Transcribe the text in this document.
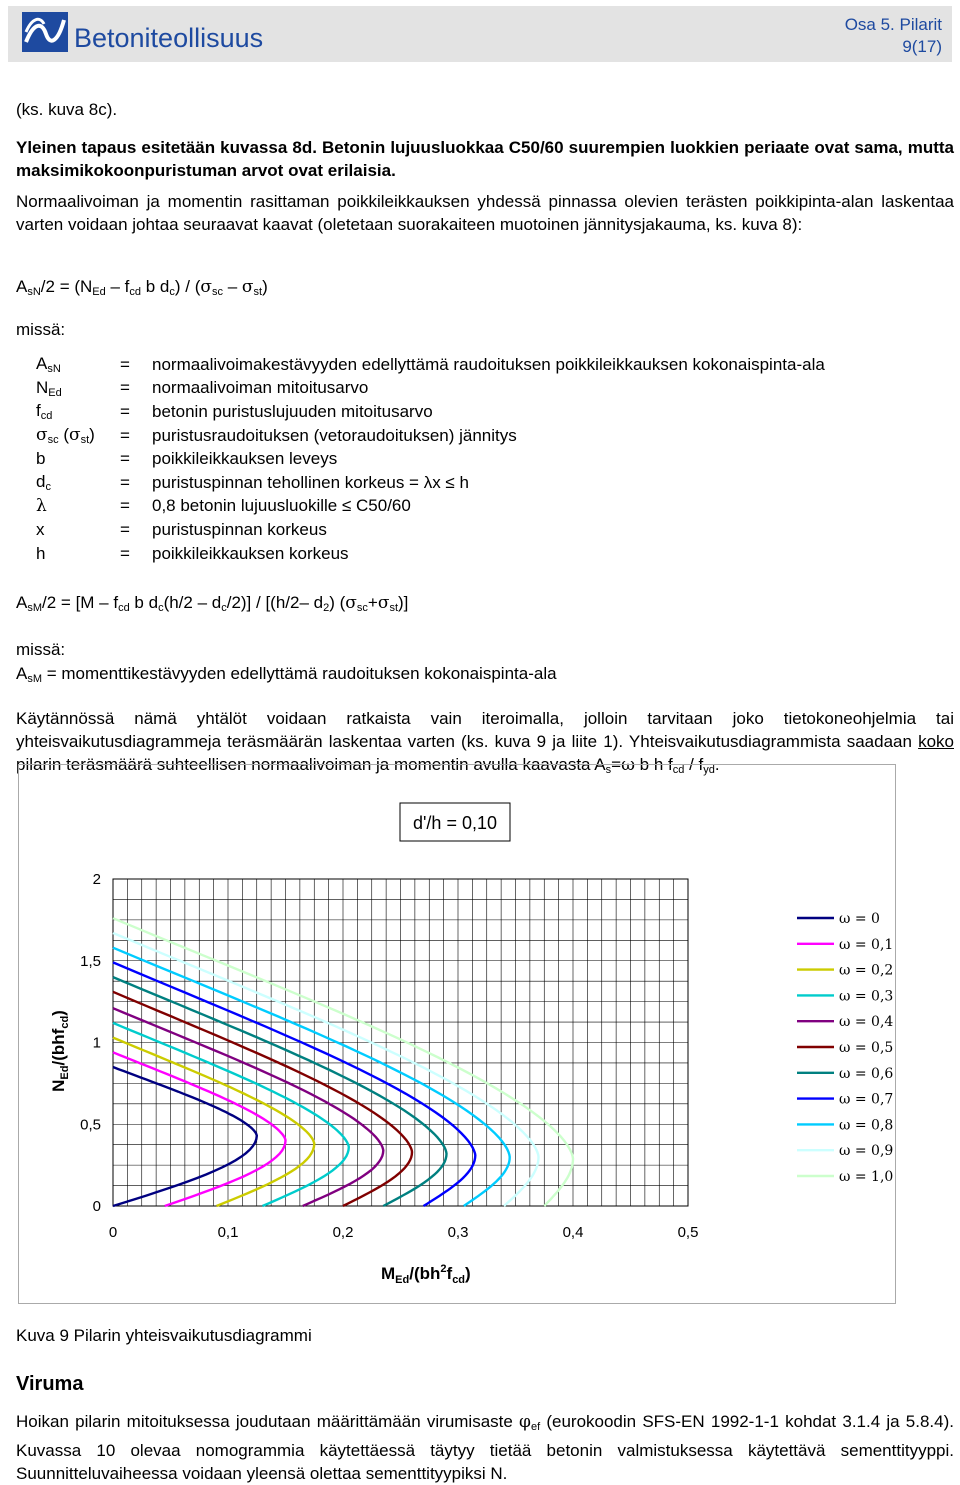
Betoniteollisuus	Osa 5. Pilarit
9(17)
(ks. kuva 8c).
Yleinen tapaus esitetään kuvassa 8d. Betonin lujuusluokkaa C50/60 suurempien luokkien periaate ovat sama, mutta maksimikokoonpuristuman arvot ovat erilaisia.
Normaalivoiman ja momentin rasittaman poikkileikkauksen yhdessä pinnassa olevien terästen poikkipinta-alan laskentaa varten voidaan johtaa seuraavat kaavat (oletetaan suorakaiteen muotoinen jännitysjakauma, ks. kuva 8):
$A_{sN}/2 = (N_{Ed} - f_{cd}$ b $d_c) / (\sigma_{sc} - \sigma_{st})$
missä:
$A_{sN}$	=	normaalivoimakestävyyden edellyttämä raudoituksen poikkileikkauksen kokonaispinta-ala
$N_{Ed}$	=	normaalivoiman mitoitusarvo
$f_{cd}$	=	betonin puristuslujuuden mitoitusarvo
$\sigma_{sc}$ $(\sigma_{st})$	=	puristusraudoituksen (vetoraudoituksen) jännitys
b	=	poikkileikkauksen leveys
$d_c$	=	puristuspinnan tehollinen korkeus = λx ≤ h
λ	=	0,8 betonin lujuusluokille ≤ C50/60
x	=	puristuspinnan korkeus
h	=	poikkileikkauksen korkeus
$A_{sM}/2 = [M - f_{cd}$ b $d_c(h/2 - d_c/2)] / [(h/2-$ $d_2$) $(\sigma_{sc}+\sigma_{st})$]
missä:
$A_{sM}$ = momenttikestävyyden edellyttämä raudoituksen kokonaispinta-ala
Käytännössä nämä yhtälöt voidaan ratkaista vain iteroimalla, jolloin tarvitaan joko tietokoneohjelmia tai yhteisvaikutusdiagrammeja teräsmäärän laskentaa varten (ks. kuva 9 ja liite 1). Yhteisvaikutusdiagrammista saadaan koko pilarin teräsmäärä suhteellisen normaalivoiman ja momentin avulla kaavasta $A_s=\omega$ b h $f_{cd} / f_{yd}$.
d'/h = 0,10
0	0,1	0,2	0,3	0,4	0,5
0
0,5
1
1,5
2
$M_{Ed}/(bh^2f_{cd})$
$N_{Ed}/(bhf_{cd})$
ω = 0
ω = 0,1
ω = 0,2
ω = 0,3
ω = 0,4
ω = 0,5
ω = 0,6
ω = 0,7
ω = 0,8
ω = 0,9
ω = 1,0
Kuva 9 Pilarin yhteisvaikutusdiagrammi
Viruma
Hoikan pilarin mitoituksessa joudutaan määrittämään virumisaste $\varphi_{ef}$ (eurokoodin SFS-EN 1992-1-1 kohdat 3.1.4 ja 5.8.4). Kuvassa 10 olevaa nomogrammia käytettäessä täytyy tietää betonin valmistuksessa käytettävä sementtityyppi. Suunnitteluvaiheessa voidaan yleensä olettaa sementtityypiksi N.
